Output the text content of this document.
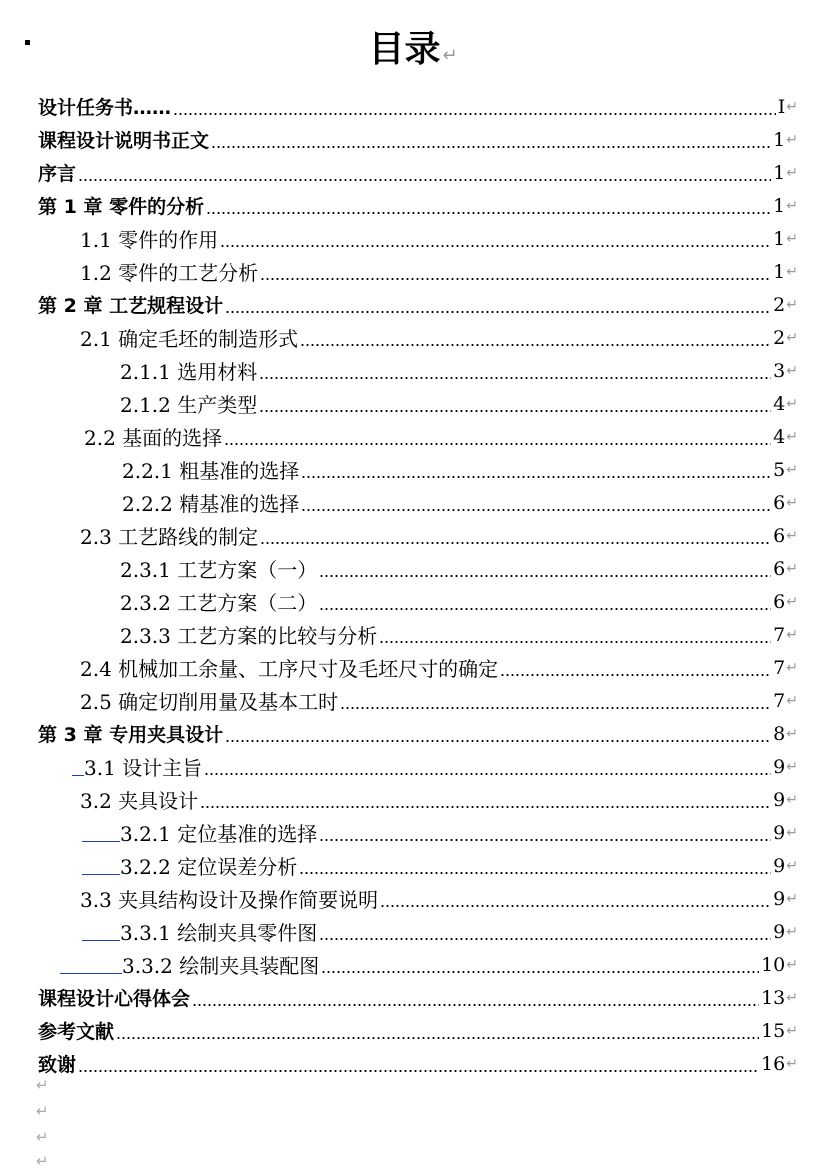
目录 ↵
设计任务书……	I ↵
课程设计说明书正文	1 ↵
序言	1 ↵
第 1 章 零件的分析	1 ↵
1.1 零件的作用	1 ↵
1.2 零件的工艺分析	1 ↵
第 2 章 工艺规程设计	2 ↵
2.1 确定毛坯的制造形式	2 ↵
2.1.1 选用材料	3 ↵
2.1.2 生产类型	4 ↵
2.2 基面的选择	4 ↵
2.2.1 粗基准的选择	5 ↵
2.2.2 精基准的选择	6 ↵
2.3 工艺路线的制定	6 ↵
2.3.1 工艺方案（一）	6 ↵
2.3.2 工艺方案（二）	6 ↵
2.3.3 工艺方案的比较与分析	7 ↵
2.4 机械加工余量、工序尺寸及毛坯尺寸的确定	7 ↵
2.5 确定切削用量及基本工时	7 ↵
第 3 章 专用夹具设计	8 ↵
3.1 设计主旨	9 ↵
3.2 夹具设计	9 ↵
3.2.1 定位基准的选择	9 ↵
3.2.2 定位误差分析	9 ↵
3.3 夹具结构设计及操作简要说明	9 ↵
3.3.1 绘制夹具零件图	9 ↵
3.3.2 绘制夹具装配图	10 ↵
课程设计心得体会	13 ↵
参考文献	15 ↵
致谢	16 ↵
↵
↵
↵
↵
